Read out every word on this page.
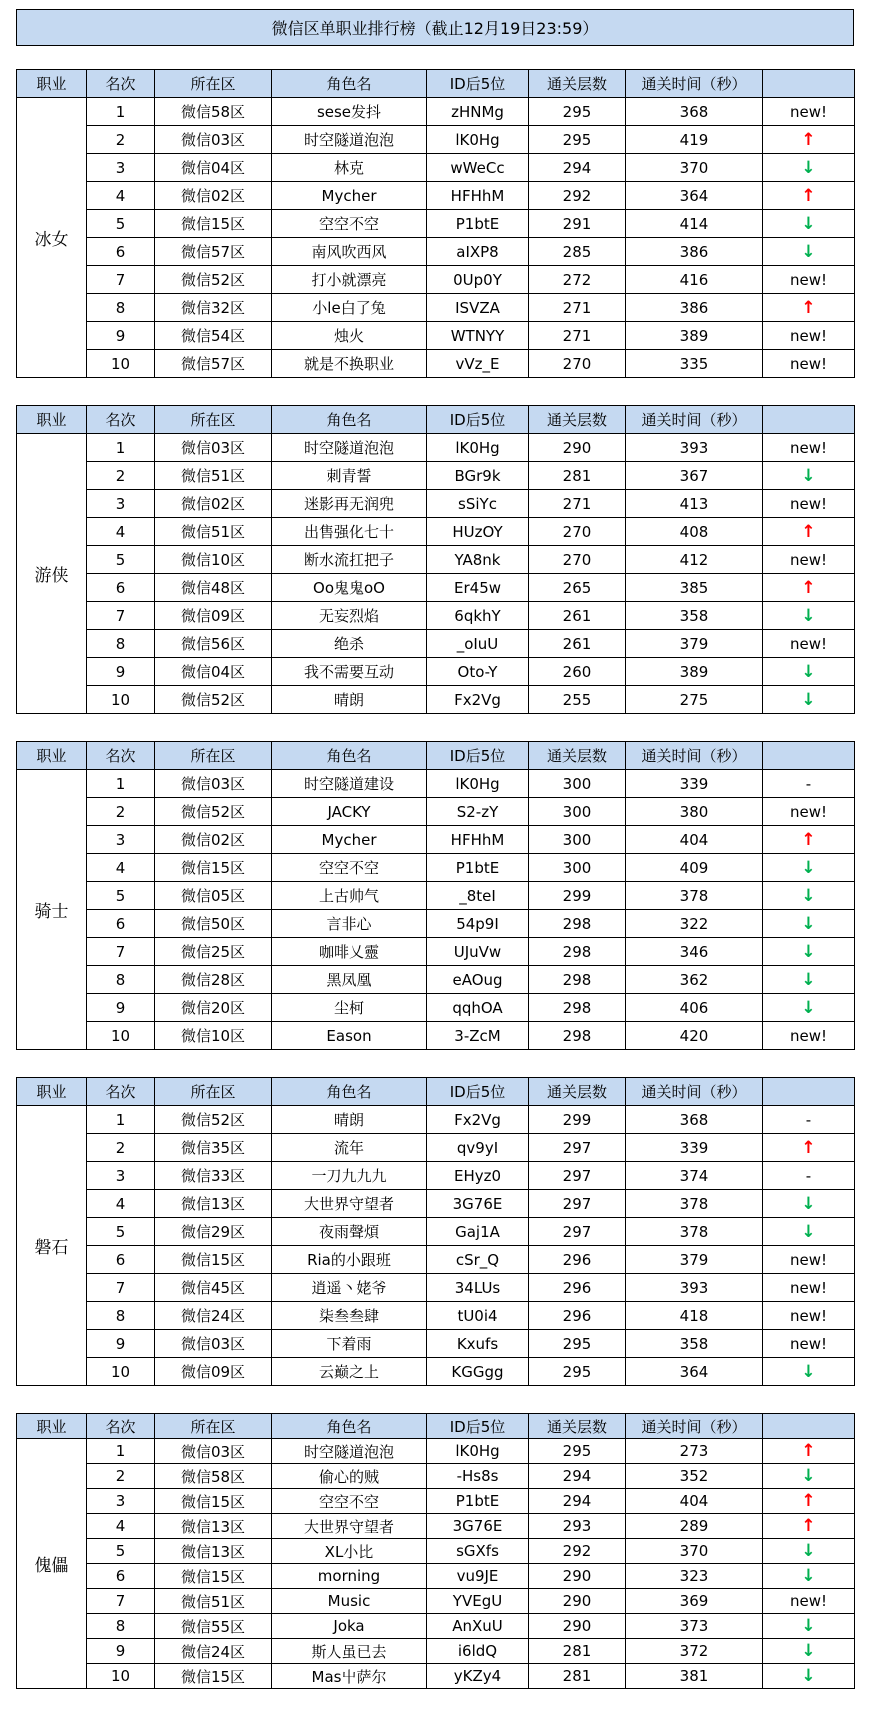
微信区单职业排行榜（截止12月19日23:59）
职业	名次	所在区	角色名	ID后5位	通关层数	通关时间（秒）	
冰女	1	微信58区	sese发抖	zHNMg	295	368	new!
	2	微信03区	时空隧道泡泡	lK0Hg	295	419	↑
	3	微信04区	林克	wWeCc	294	370	↓
	4	微信02区	Mycher	HFHhM	292	364	↑
	5	微信15区	空空不空	P1btE	291	414	↓
	6	微信57区	南风吹西风	aIXP8	285	386	↓
	7	微信52区	打小就漂亮	0Up0Y	272	416	new!
	8	微信32区	小le白了兔	ISVZA	271	386	↑
	9	微信54区	烛火	WTNYY	271	389	new!
	10	微信57区	就是不换职业	vVz_E	270	335	new!
职业	名次	所在区	角色名	ID后5位	通关层数	通关时间（秒）	
游侠	1	微信03区	时空隧道泡泡	lK0Hg	290	393	new!
	2	微信51区	刺青誓	BGr9k	281	367	↓
	3	微信02区	迷影再无润兜	sSiYc	271	413	new!
	4	微信51区	出售强化七十	HUzOY	270	408	↑
	5	微信10区	断水流扛把子	YA8nk	270	412	new!
	6	微信48区	Oo鬼鬼oO	Er45w	265	385	↑
	7	微信09区	无妄烈焰	6qkhY	261	358	↓
	8	微信56区	绝杀	_oIuU	261	379	new!
	9	微信04区	我不需要互动	Oto-Y	260	389	↓
	10	微信52区	晴朗	Fx2Vg	255	275	↓
职业	名次	所在区	角色名	ID后5位	通关层数	通关时间（秒）	
骑士	1	微信03区	时空隧道建设	lK0Hg	300	339	-
	2	微信52区	JACKY	S2-zY	300	380	new!
	3	微信02区	Mycher	HFHhM	300	404	↑
	4	微信15区	空空不空	P1btE	300	409	↓
	5	微信05区	上古帅气	_8teI	299	378	↓
	6	微信50区	言非心	54p9I	298	322	↓
	7	微信25区	咖啡乂靈	UJuVw	298	346	↓
	8	微信28区	黑凤凰	eAOug	298	362	↓
	9	微信20区	尘柯	qqhOA	298	406	↓
	10	微信10区	Eason	3-ZcM	298	420	new!
职业	名次	所在区	角色名	ID后5位	通关层数	通关时间（秒）	
磐石	1	微信52区	晴朗	Fx2Vg	299	368	-
	2	微信35区	流年	qv9yI	297	339	↑
	3	微信33区	一刀九九九	EHyz0	297	374	-
	4	微信13区	大世界守望者	3G76E	297	378	↓
	5	微信29区	夜雨聲煩	Gaj1A	297	378	↓
	6	微信15区	Ria的小跟班	cSr_Q	296	379	new!
	7	微信45区	逍遥丶姥爷	34LUs	296	393	new!
	8	微信24区	柒叁叁肆	tU0i4	296	418	new!
	9	微信03区	下着雨	Kxufs	295	358	new!
	10	微信09区	云巅之上	KGGgg	295	364	↓
职业	名次	所在区	角色名	ID后5位	通关层数	通关时间（秒）	
傀儡	1	微信03区	时空隧道泡泡	lK0Hg	295	273	↑
	2	微信58区	偷心的贼	-Hs8s	294	352	↓
	3	微信15区	空空不空	P1btE	294	404	↑
	4	微信13区	大世界守望者	3G76E	293	289	↑
	5	微信13区	XL小比	sGXfs	292	370	↓
	6	微信15区	morning	vu9JE	290	323	↓
	7	微信51区	Music	YVEgU	290	369	new!
	8	微信55区	Joka	AnXuU	290	373	↓
	9	微信24区	斯人虽已去	i6ldQ	281	372	↓
	10	微信15区	Mas屮萨尔	yKZy4	281	381	↓
